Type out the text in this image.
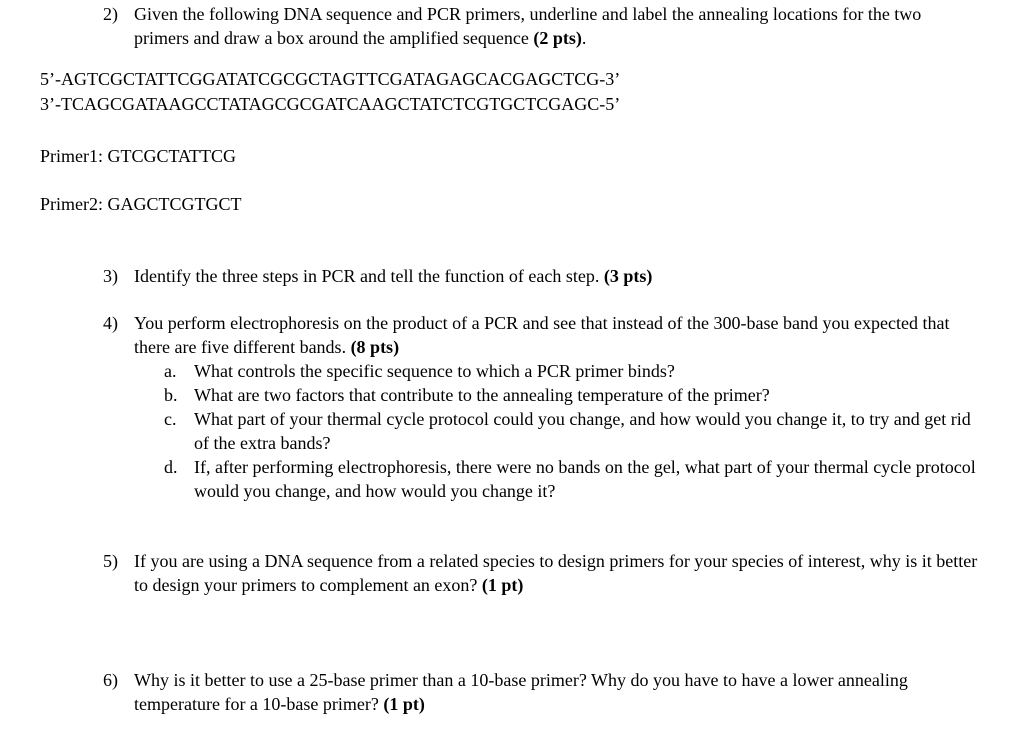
2) Given the following DNA sequence and PCR primers, underline and label the annealing locations for the two primers and draw a box around the amplified sequence (2 pts).
5’-AGTCGCTATTCGGATATCGCGCTAGTTCGATAGAGCACGAGCTCG-3’
3’-TCAGCGATAAGCCTATAGCGCGATCAAGCTATCTCGTGCTCGAGC-5’
Primer1: GTCGCTATTCG
Primer2: GAGCTCGTGCT
3) Identify the three steps in PCR and tell the function of each step. (3 pts)
4) You perform electrophoresis on the product of a PCR and see that instead of the 300-base band you expected that there are five different bands. (8 pts)
a. What controls the specific sequence to which a PCR primer binds?
b. What are two factors that contribute to the annealing temperature of the primer?
c. What part of your thermal cycle protocol could you change, and how would you change it, to try and get rid of the extra bands?
d. If, after performing electrophoresis, there were no bands on the gel, what part of your thermal cycle protocol would you change, and how would you change it?
5) If you are using a DNA sequence from a related species to design primers for your species of interest, why is it better to design your primers to complement an exon? (1 pt)
6) Why is it better to use a 25-base primer than a 10-base primer? Why do you have to have a lower annealing temperature for a 10-base primer? (1 pt)
